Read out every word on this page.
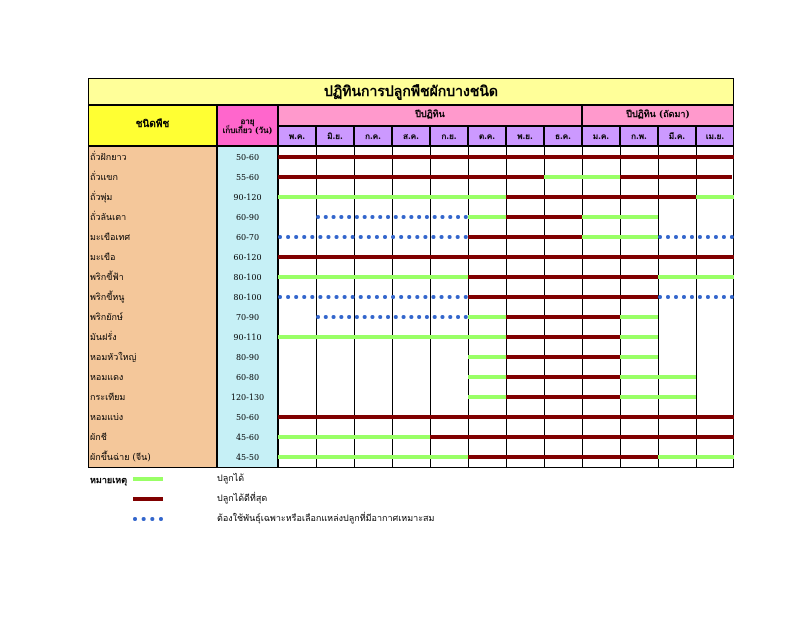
ปฏิทินการปลูกพืชผักบางชนิด
ชนิดพืช	อายุ
เก็บเกี่ยว (วัน)
ปีปฏิทิน	ปีปฏิทิน (ถัดมา)
พ.ค.	มิ.ย.	ก.ค.	ส.ค.	ก.ย.	ต.ค.	พ.ย.	ธ.ค.	ม.ค.	ก.พ.	มี.ค.	เม.ย.
ถั่วฝักยาว	50-60
ถั่วแขก	55-60
ถั่วพุ่ม	90-120
ถั่วลันเตา	60-90
มะเขือเทศ	60-70
มะเขือ	60-120
พริกขี้ฟ้า	80-100
พริกขี้หนู	80-100
พริกยักษ์	70-90
มันฝรั่ง	90-110
หอมหัวใหญ่	80-90
หอมแดง	60-80
กระเทียม	120-130
หอมแบ่ง	50-60
ผักชี	45-60
ผักขึ้นฉ่าย (จีน)	45-50
หมายเหตุ	ปลูกได้
ปลูกได้ดีที่สุด
ต้องใช้พันธุ์เฉพาะหรือเลือกแหล่งปลูกที่มีอากาศเหมาะสม
